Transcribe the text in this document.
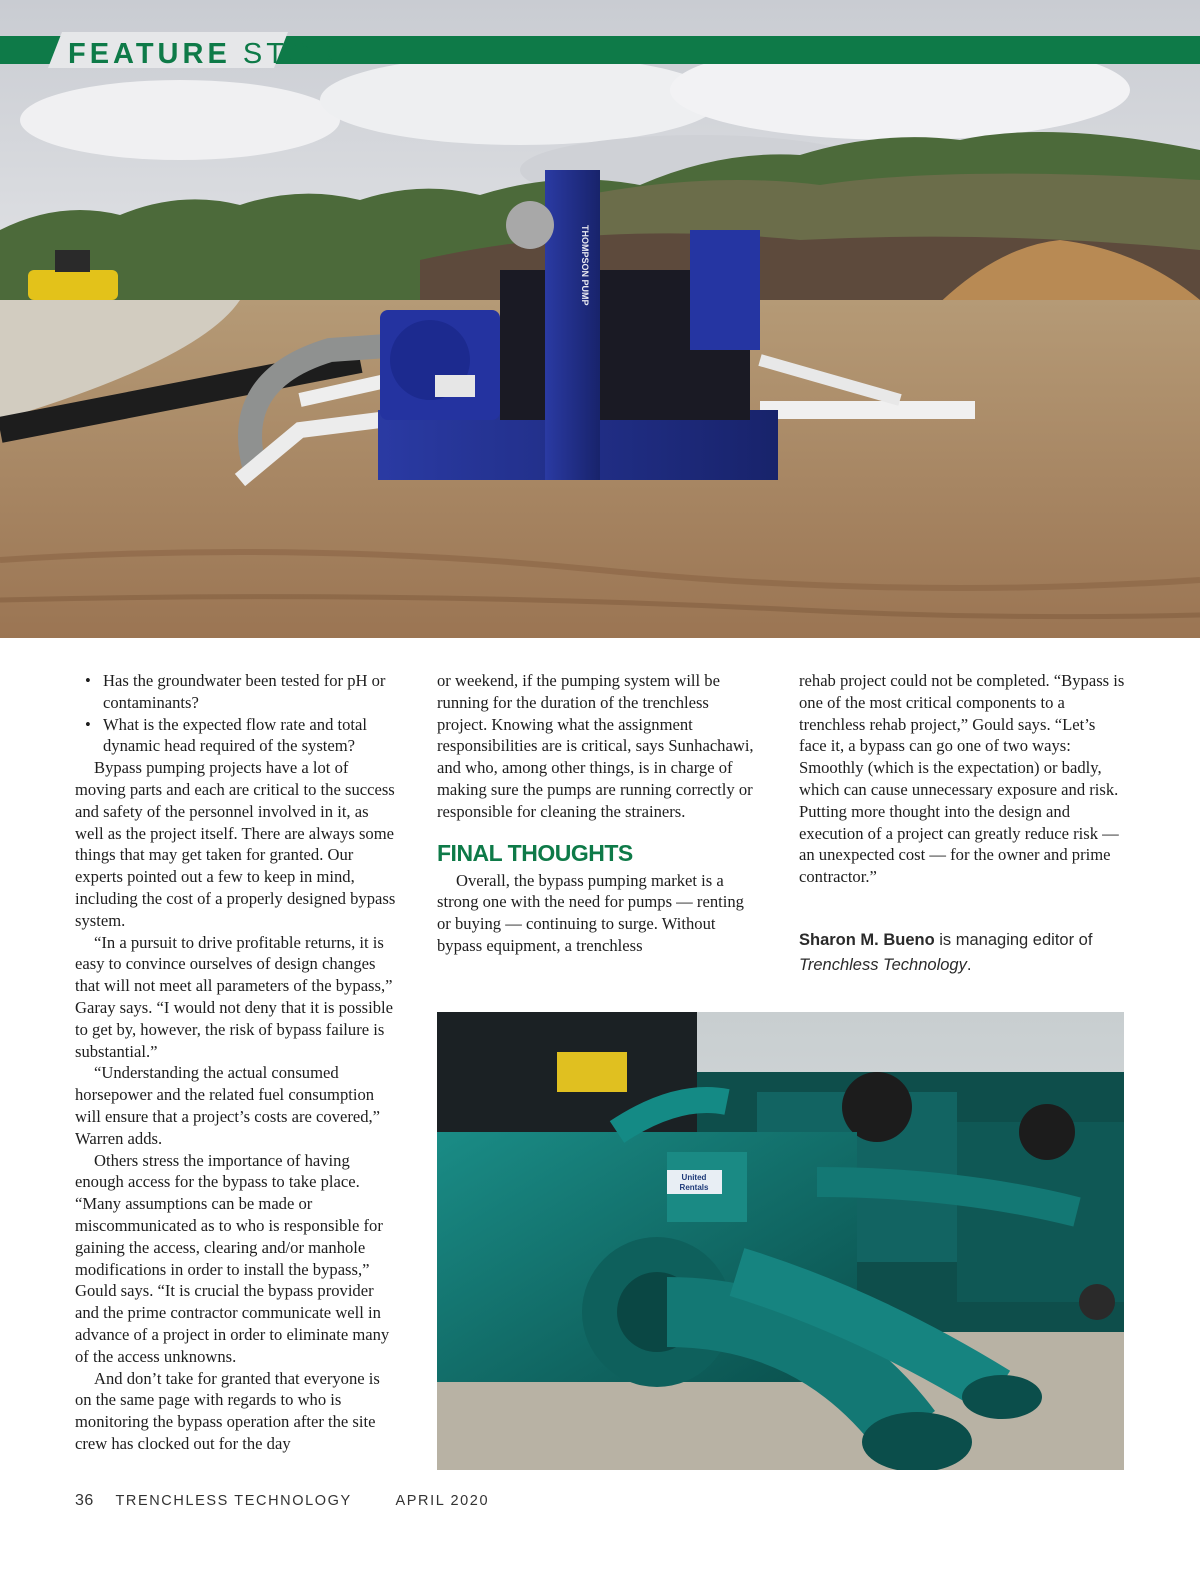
THOMPSON PUMP
FEATURE STORY
• Has the groundwater been tested for pH or contaminants?
• What is the expected flow rate and total dynamic head required of the system?

Bypass pumping projects have a lot of moving parts and each are critical to the success and safety of the personnel involved in it, as well as the project itself. There are always some things that may get taken for granted. Our experts pointed out a few to keep in mind, including the cost of a properly designed bypass system.

“In a pursuit to drive profitable returns, it is easy to convince ourselves of design changes that will not meet all parameters of the bypass,” Garay says. “I would not deny that it is possible to get by, however, the risk of bypass failure is substantial.”

“Understanding the actual consumed horsepower and the related fuel consumption will ensure that a project’s costs are covered,” Warren adds.

Others stress the importance of having enough access for the bypass to take place. “Many assumptions can be made or miscommunicated as to who is responsible for gaining the access, clearing and/or manhole modifications in order to install the bypass,” Gould says. “It is crucial the bypass provider and the prime contractor communicate well in advance of a project in order to eliminate many of the access unknowns.

And don’t take for granted that everyone is on the same page with regards to who is monitoring the bypass operation after the site crew has clocked out for the day

or weekend, if the pumping system will be running for the duration of the trenchless project. Knowing what the assignment responsibilities are is critical, says Sunhachawi, and who, among other things, is in charge of making sure the pumps are running correctly or responsible for cleaning the strainers.

FINAL THOUGHTS

Overall, the bypass pumping market is a strong one with the need for pumps — renting or buying — continuing to surge. Without bypass equipment, a trenchless

rehab project could not be completed. “Bypass is one of the most critical components to a trenchless rehab project,” Gould says. “Let’s face it, a bypass can go one of two ways: Smoothly (which is the expectation) or badly, which can cause unnecessary exposure and risk. Putting more thought into the design and execution of a project can greatly reduce risk — an unexpected cost — for the owner and prime contractor.”

Sharon M. Bueno is managing editor of Trenchless Technology.
United
Rentals
36 TRENCHLESS TECHNOLOGY	APRIL 2020
